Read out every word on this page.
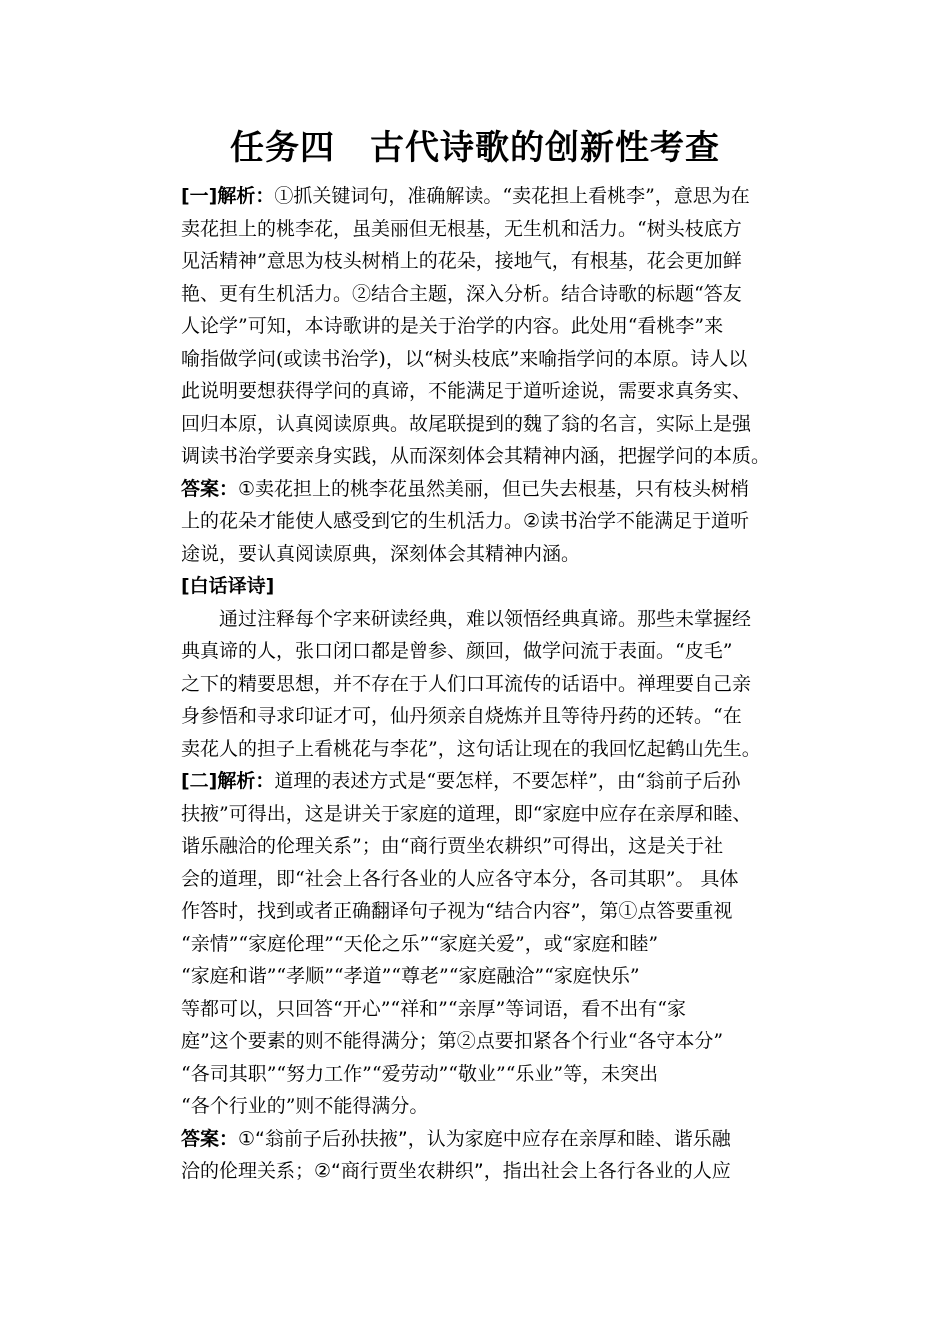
任务四　古代诗歌的创新性考查
[一]解析：①抓关键词句，准确解读。“卖花担上看桃李”，意思为在
卖花担上的桃李花，虽美丽但无根基，无生机和活力。“树头枝底方
见活精神”意思为枝头树梢上的花朵，接地气，有根基，花会更加鲜
艳、更有生机活力。②结合主题，深入分析。结合诗歌的标题“答友
人论学”可知，本诗歌讲的是关于治学的内容。此处用“看桃李”来
喻指做学问(或读书治学)，以“树头枝底”来喻指学问的本原。诗人以
此说明要想获得学问的真谛，不能满足于道听途说，需要求真务实、
回归本原，认真阅读原典。故尾联提到的魏了翁的名言，实际上是强
调读书治学要亲身实践，从而深刻体会其精神内涵，把握学问的本质。
答案：①卖花担上的桃李花虽然美丽，但已失去根基，只有枝头树梢
上的花朵才能使人感受到它的生机活力。②读书治学不能满足于道听
途说，要认真阅读原典，深刻体会其精神内涵。
[白话译诗]
通过注释每个字来研读经典，难以领悟经典真谛。那些未掌握经
典真谛的人，张口闭口都是曾参、颜回，做学问流于表面。“皮毛”
之下的精要思想，并不存在于人们口耳流传的话语中。禅理要自己亲
身参悟和寻求印证才可，仙丹须亲自烧炼并且等待丹药的还转。“在
卖花人的担子上看桃花与李花”，这句话让现在的我回忆起鹤山先生。
[二]解析：道理的表述方式是“要怎样，不要怎样”，由“翁前子后孙
扶掖”可得出，这是讲关于家庭的道理，即“家庭中应存在亲厚和睦、
谐乐融洽的伦理关系”；由“商行贾坐农耕织”可得出，这是关于社
会的道理，即“社会上各行各业的人应各守本分，各司其职”。 具体
作答时，找到或者正确翻译句子视为“结合内容”，第①点答要重视
“亲情”“家庭伦理”“天伦之乐”“家庭关爱”，或“家庭和睦”
“家庭和谐”“孝顺”“孝道”“尊老”“家庭融洽”“家庭快乐”
等都可以，只回答“开心”“祥和”“亲厚”等词语，看不出有“家
庭”这个要素的则不能得满分；第②点要扣紧各个行业“各守本分”
“各司其职”“努力工作”“爱劳动”“敬业”“乐业”等，未突出
“各个行业的”则不能得满分。
答案：①“翁前子后孙扶掖”，认为家庭中应存在亲厚和睦、谐乐融
洽的伦理关系；②“商行贾坐农耕织”，指出社会上各行各业的人应
